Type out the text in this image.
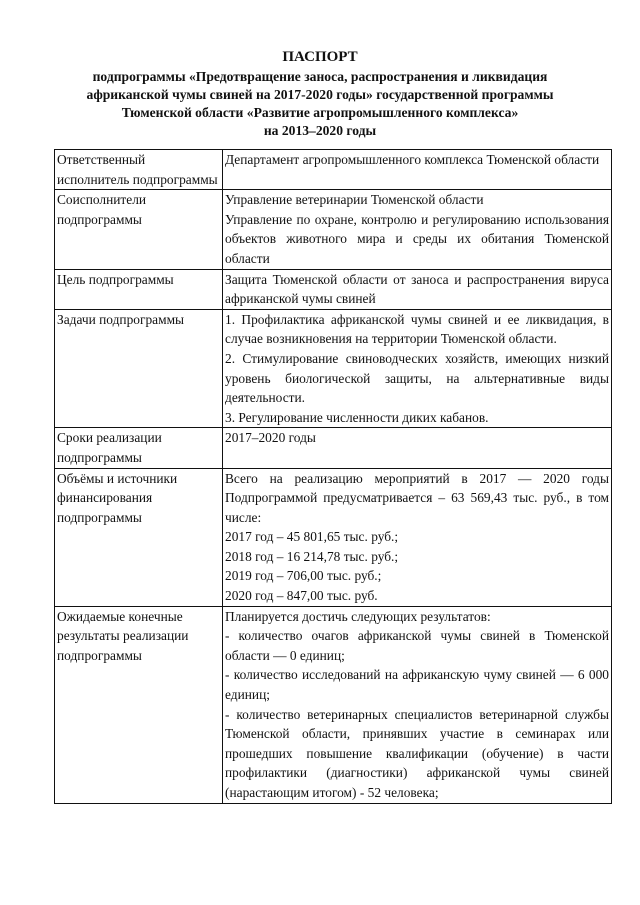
ПАСПОРТ
подпрограммы «Предотвращение заноса, распространения и ликвидация
африканской чумы свиней на 2017-2020 годы» государственной программы
Тюменской области «Развитие агропромышленного комплекса»
на 2013–2020 годы
Ответственный исполнитель подпрограммы	Департамент агропромышленного комплекса Тюменской области

Соисполнители подпрограммы	Управление ветеринарии Тюменской области
Управление по охране, контролю и регулированию использования объектов животного мира и среды их обитания Тюменской области

Цель подпрограммы	Защита Тюменской области от заноса и распространения вируса африканской чумы свиней

Задачи подпрограммы	1. Профилактика африканской чумы свиней и ее ликвидация, в случае возникновения на территории Тюменской области.
2. Стимулирование свиноводческих хозяйств, имеющих низкий уровень биологической защиты, на альтернативные виды деятельности.
3. Регулирование численности диких кабанов.

Сроки реализации подпрограммы	2017–2020 годы

Объёмы и источники финансирования подпрограммы	Всего на реализацию мероприятий в 2017 — 2020 годы Подпрограммой предусматривается – 63 569,43 тыс. руб., в том числе:
2017 год – 45 801,65 тыс. руб.;
2018 год – 16 214,78 тыс. руб.;
2019 год – 706,00 тыс. руб.;
2020 год – 847,00 тыс. руб.

Ожидаемые конечные результаты реализации подпрограммы	Планируется достичь следующих результатов:
- количество очагов африканской чумы свиней в Тюменской области — 0 единиц;
- количество исследований на африканскую чуму свиней — 6 000 единиц;
- количество ветеринарных специалистов ветеринарной службы Тюменской области, принявших участие в семинарах или прошедших повышение квалификации (обучение) в части профилактики (диагностики) африканской чумы свиней (нарастающим итогом) - 52 человека;
